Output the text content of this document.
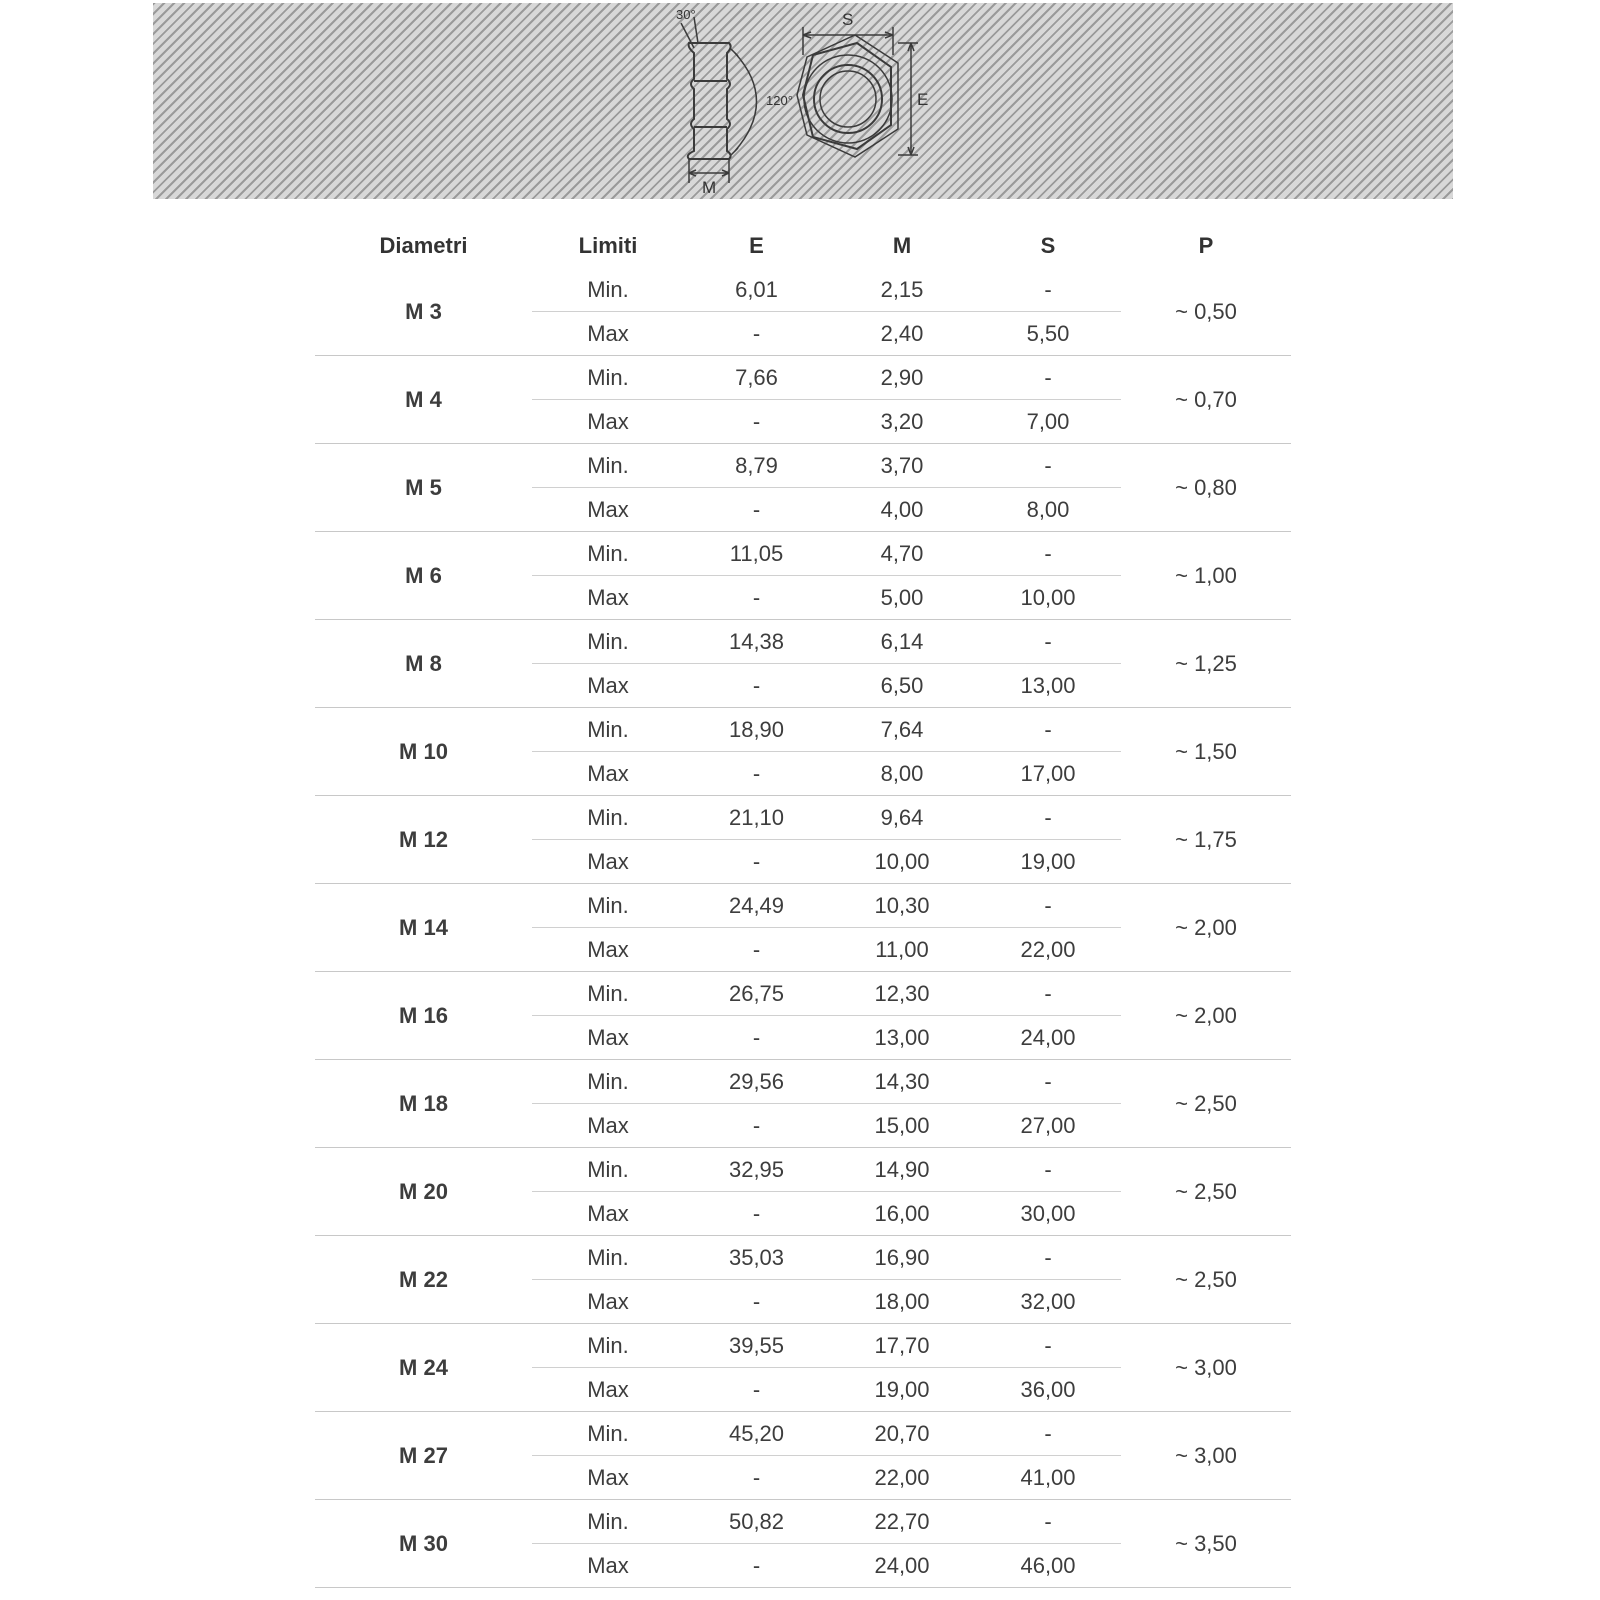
30°
120°
M
S
E
Diametri	Limiti	E	M	S	P
M 3	Min.	6,01	2,15	-	~ 0,50
	Max	-	2,40	5,50	
M 4	Min.	7,66	2,90	-	~ 0,70
	Max	-	3,20	7,00	
M 5	Min.	8,79	3,70	-	~ 0,80
	Max	-	4,00	8,00	
M 6	Min.	11,05	4,70	-	~ 1,00
	Max	-	5,00	10,00	
M 8	Min.	14,38	6,14	-	~ 1,25
	Max	-	6,50	13,00	
M 10	Min.	18,90	7,64	-	~ 1,50
	Max	-	8,00	17,00	
M 12	Min.	21,10	9,64	-	~ 1,75
	Max	-	10,00	19,00	
M 14	Min.	24,49	10,30	-	~ 2,00
	Max	-	11,00	22,00	
M 16	Min.	26,75	12,30	-	~ 2,00
	Max	-	13,00	24,00	
M 18	Min.	29,56	14,30	-	~ 2,50
	Max	-	15,00	27,00	
M 20	Min.	32,95	14,90	-	~ 2,50
	Max	-	16,00	30,00	
M 22	Min.	35,03	16,90	-	~ 2,50
	Max	-	18,00	32,00	
M 24	Min.	39,55	17,70	-	~ 3,00
	Max	-	19,00	36,00	
M 27	Min.	45,20	20,70	-	~ 3,00
	Max	-	22,00	41,00	
M 30	Min.	50,82	22,70	-	~ 3,50
	Max	-	24,00	46,00	
